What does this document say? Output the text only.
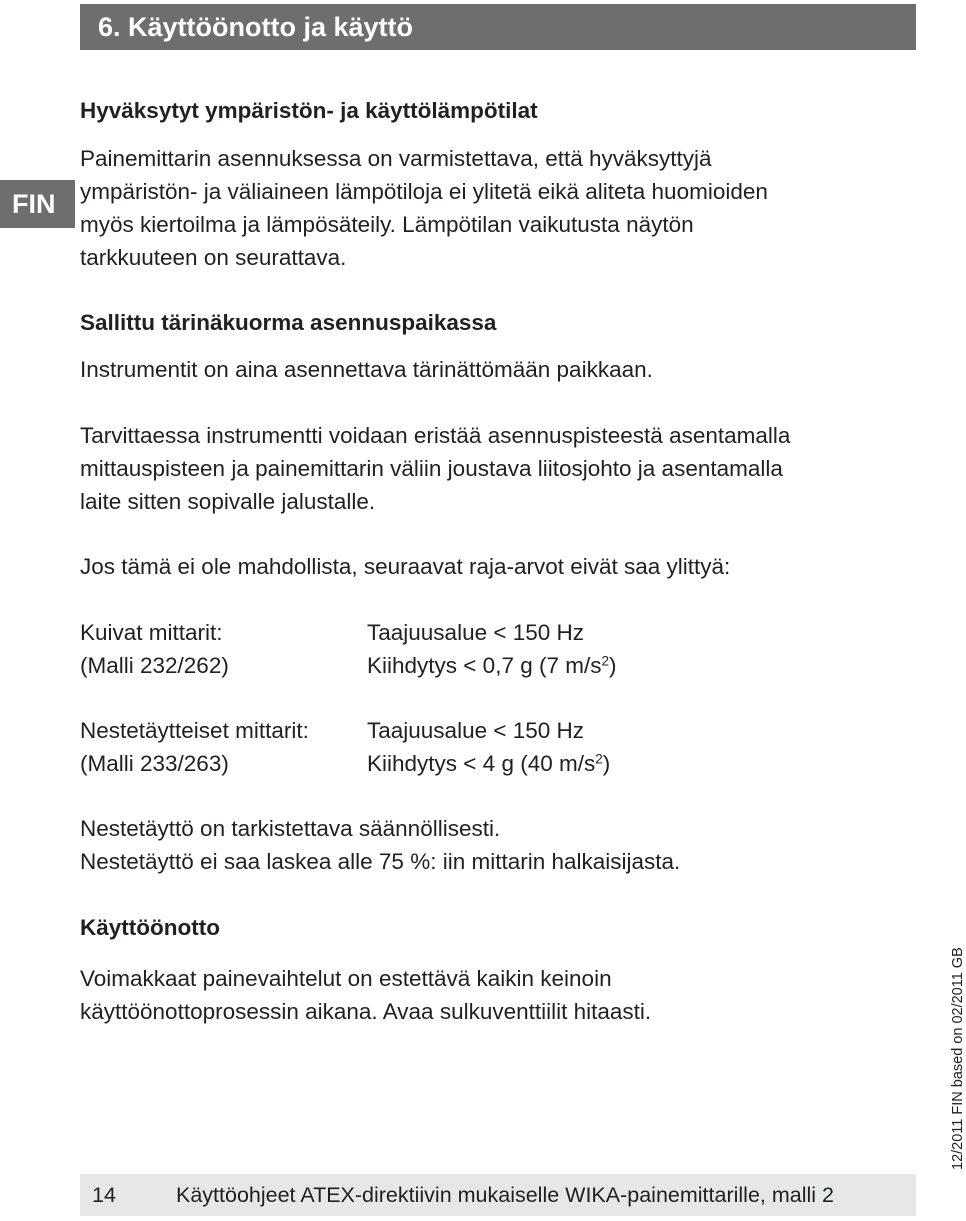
6. Käyttöönotto ja käyttö
FIN
Hyväksytyt ympäristön- ja käyttölämpötilat
Painemittarin asennuksessa on varmistettava, että hyväksyttyjä
ympäristön- ja väliaineen lämpötiloja ei ylitetä eikä aliteta huomioiden
myös kiertoilma ja lämpösäteily. Lämpötilan vaikutusta näytön
tarkkuuteen on seurattava.
Sallittu tärinäkuorma asennuspaikassa
Instrumentit on aina asennettava tärinättömään paikkaan.
Tarvittaessa instrumentti voidaan eristää asennuspisteestä asentamalla
mittauspisteen ja painemittarin väliin joustava liitosjohto ja asentamalla
laite sitten sopivalle jalustalle.
Jos tämä ei ole mahdollista, seuraavat raja-arvot eivät saa ylittyä:
Kuivat mittarit:	Taajuusalue < 150 Hz
(Malli 232/262)	Kiihdytys < 0,7 g (7 $m/s^2$)
Nestetäytteiset mittarit:	Taajuusalue < 150 Hz
(Malli 233/263)	Kiihdytys < 4 g (40 $m/s^2$)
Nestetäyttö on tarkistettava säännöllisesti.
Nestetäyttö ei saa laskea alle 75 %: iin mittarin halkaisijasta.
Käyttöönotto
Voimakkaat painevaihtelut on estettävä kaikin keinoin
käyttöönottoprosessin aikana. Avaa sulkuventtiilit hitaasti.
14	Käyttöohjeet ATEX-direktiivin mukaiselle WIKA-painemittarille, malli 2
12/2011 FIN based on 02/2011 GB
